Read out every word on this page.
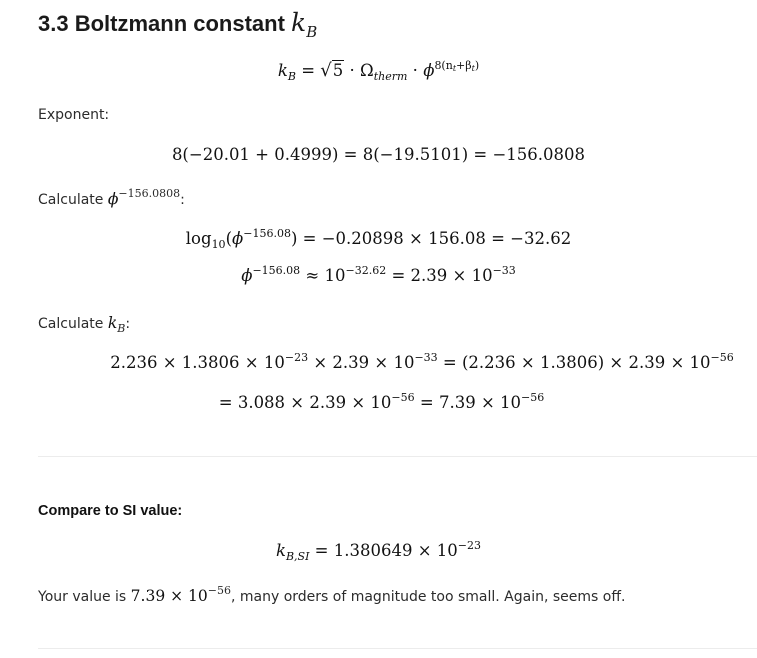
3.3 Boltzmann constant $k_B$
$k_B = √5 \cdot \Omega_{therm} \cdot \phi^{8(nt+\beta t)}$
Exponent:
8(−20.01 + 0.4999) = 8(−19.5101) = −156.0808
Calculate $\phi^{-156.0808}$:
$\log_{10}(\phi^{-156.08}) = -0.20898 \times 156.08 = -32.62$
$\phi^{-156.08} \approx 10^{-32.62} = 2.39 \times 10^{-33}$
Calculate $k_B$:
$2.236 \times 1.3806 \times 10^{-23} \times 2.39 \times 10^{-33} = (2.236 \times 1.3806) \times 2.39 \times 10^{-56}$
= $3.088 \times 2.39 \times 10^{-56} = 7.39 \times 10^{-56}$
Compare to SI value:
$k_{B,SI} = 1.380649 \times 10^{-23}$
Your value is $7.39 \times 10^{-56}$, many orders of magnitude too small. Again, seems off.
